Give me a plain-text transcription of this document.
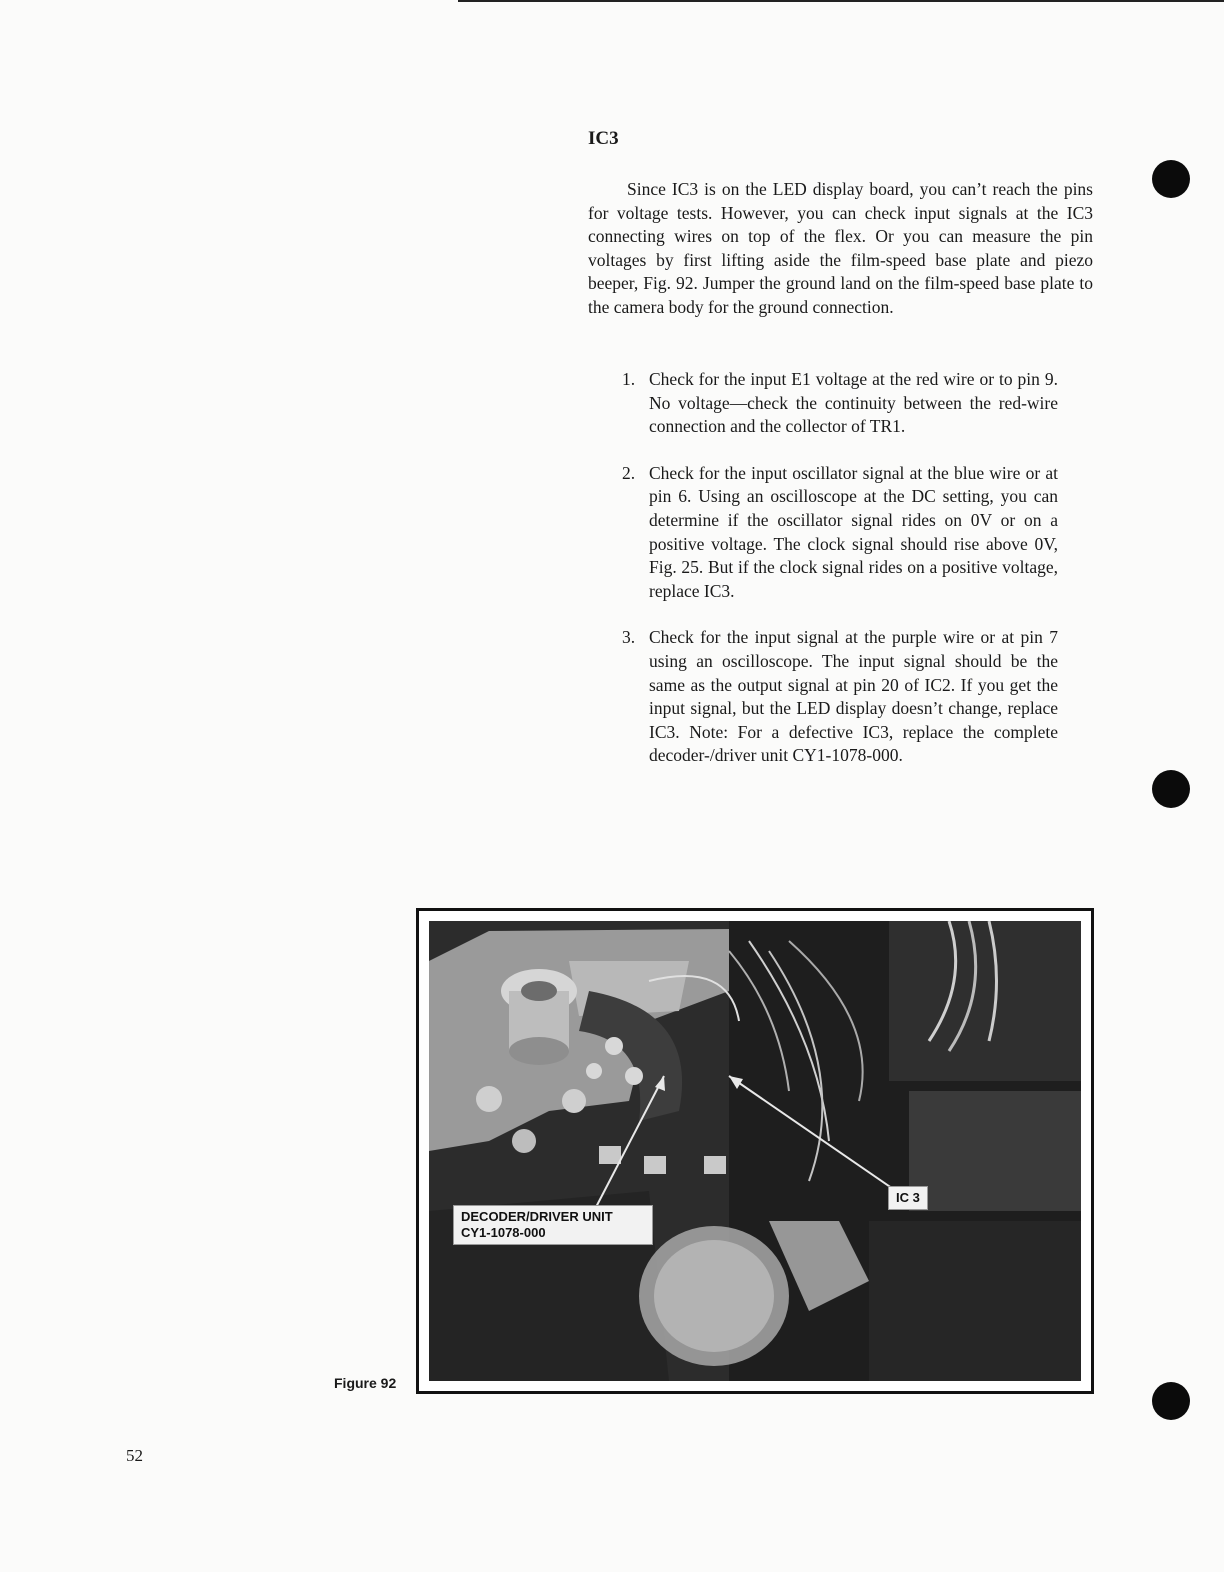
IC3

Since IC3 is on the LED display board, you can’t reach the pins for voltage tests. However, you can check input signals at the IC3 connecting wires on top of the flex. Or you can measure the pin voltages by first lifting aside the film-speed base plate and piezo beeper, Fig. 92. Jumper the ground land on the film-speed base plate to the camera body for the ground connection.

1. Check for the input E1 voltage at the red wire or to pin 9. No voltage—check the continuity between the red-wire connection and the collector of TR1.
2. Check for the input oscillator signal at the blue wire or at pin 6. Using an oscilloscope at the DC setting, you can determine if the oscillator signal rides on 0V or on a positive voltage. The clock signal should rise above 0V, Fig. 25. But if the clock signal rides on a positive voltage, replace IC3.
3. Check for the input signal at the purple wire or at pin 7 using an oscilloscope. The input signal should be the same as the output signal at pin 20 of IC2. If you get the input signal, but the LED display doesn’t change, replace IC3. Note: For a defective IC3, replace the complete decoder-/driver unit CY1-1078-000.
DECODER/DRIVER UNIT
CY1-1078-000
IC 3
Figure 92
52
